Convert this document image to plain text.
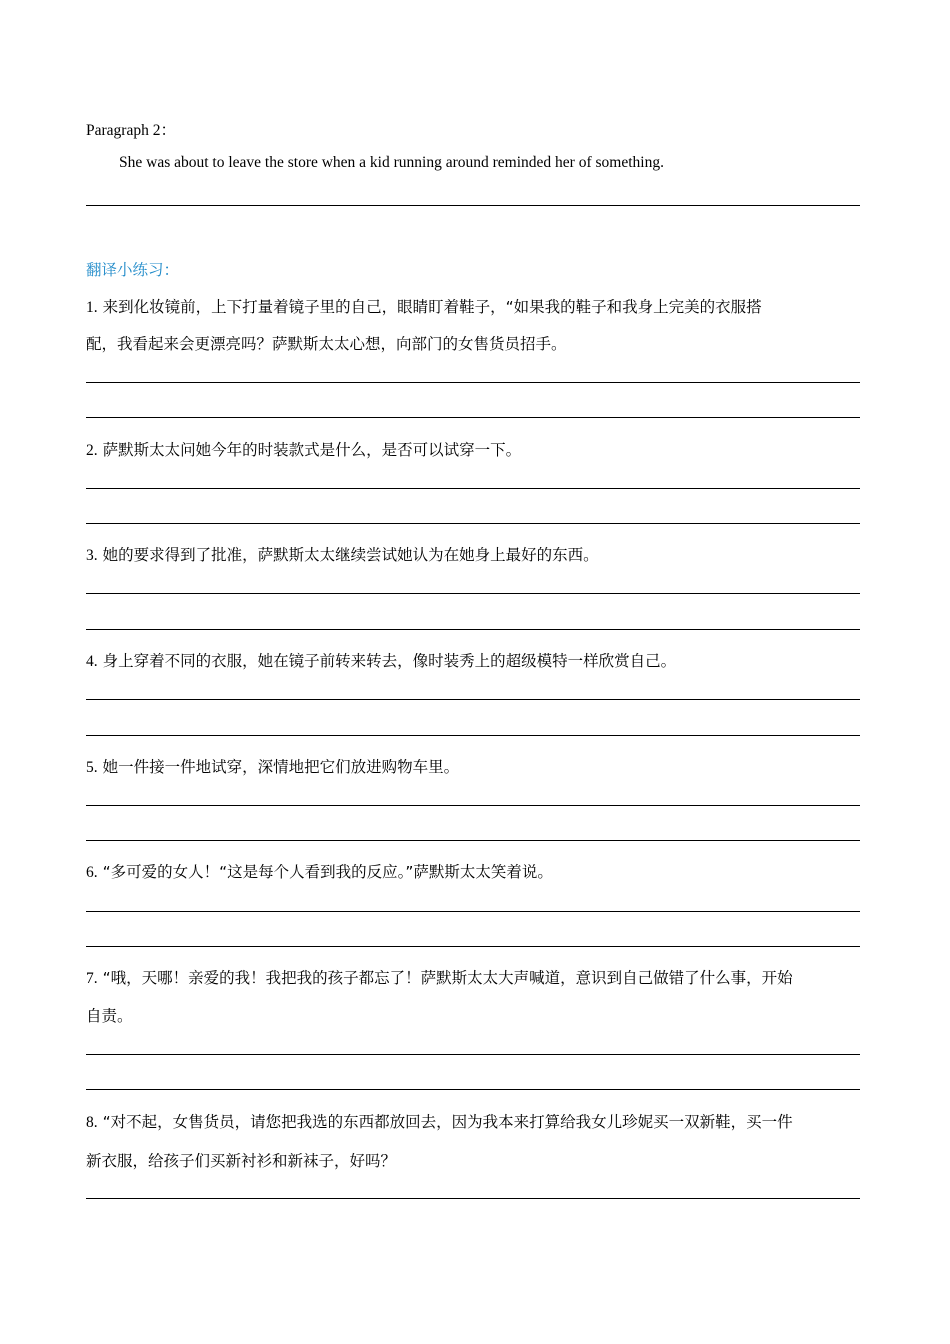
Paragraph 2：
She was about to leave the store when a kid running around reminded her of something.
翻译小练习：
1. 来到化妆镜前，上下打量着镜子里的自己，眼睛盯着鞋子，“如果我的鞋子和我身上完美的衣服搭
配，我看起来会更漂亮吗？萨默斯太太心想，向部门的女售货员招手。
2. 萨默斯太太问她今年的时装款式是什么，是否可以试穿一下。
3. 她的要求得到了批准，萨默斯太太继续尝试她认为在她身上最好的东西。
4. 身上穿着不同的衣服，她在镜子前转来转去，像时装秀上的超级模特一样欣赏自己。
5. 她一件接一件地试穿，深情地把它们放进购物车里。
6. “多可爱的女人！“这是每个人看到我的反应。”萨默斯太太笑着说。
7. “哦，天哪！亲爱的我！我把我的孩子都忘了！萨默斯太太大声喊道，意识到自己做错了什么事，开始
自责。
8. “对不起，女售货员，请您把我选的东西都放回去，因为我本来打算给我女儿珍妮买一双新鞋，买一件
新衣服，给孩子们买新衬衫和新袜子，好吗？
